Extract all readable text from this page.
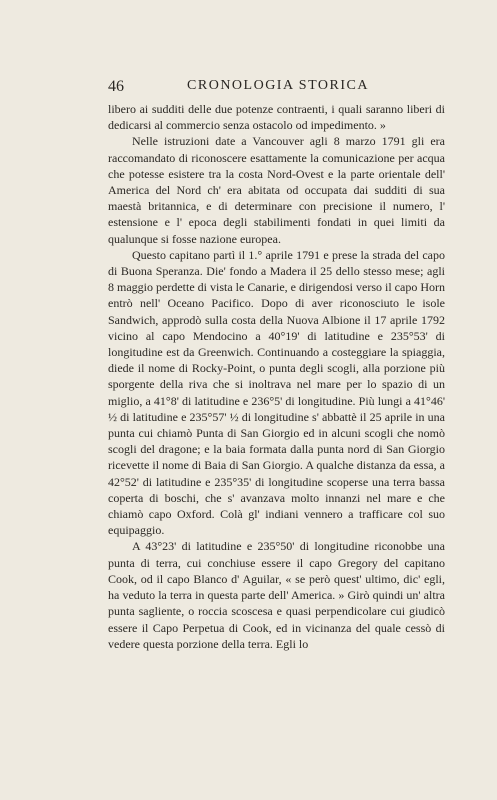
46	CRONOLOGIA STORICA

libero ai sudditi delle due potenze contraenti, i quali saranno liberi di dedicarsi al commercio senza ostacolo od impedimento. »

Nelle istruzioni date a Vancouver agli 8 marzo 1791 gli era raccomandato di riconoscere esattamente la comunicazione per acqua che potesse esistere tra la costa Nord-Ovest e la parte orientale dell' America del Nord ch' era abitata od occupata dai sudditi di sua maestà britannica, e di determinare con precisione il numero, l' estensione e l' epoca degli stabilimenti fondati in quei limiti da qualunque si fosse nazione europea.

Questo capitano partì il 1.° aprile 1791 e prese la strada del capo di Buona Speranza. Die' fondo a Madera il 25 dello stesso mese; agli 8 maggio perdette di vista le Canarie, e dirigendosi verso il capo Horn entrò nell' Oceano Pacifico. Dopo di aver riconosciuto le isole Sandwich, approdò sulla costa della Nuova Albione il 17 aprile 1792 vicino al capo Mendocino a 40°19' di latitudine e 235°53' di longitudine est da Greenwich. Continuando a costeggiare la spiaggia, diede il nome di Rocky-Point, o punta degli scogli, alla porzione più sporgente della riva che si inoltrava nel mare per lo spazio di un miglio, a 41°8' di latitudine e 236°5' di longitudine. Più lungi a 41°46' ½ di latitudine e 235°57' ½ di longitudine s' abbattè il 25 aprile in una punta cui chiamò Punta di San Giorgio ed in alcuni scogli che nomò scogli del dragone; e la baia formata dalla punta nord di San Giorgio ricevette il nome di Baia di San Giorgio. A qualche distanza da essa, a 42°52' di latitudine e 235°35' di longitudine scoperse una terra bassa coperta di boschi, che s' avanzava molto innanzi nel mare e che chiamò capo Oxford. Colà gl' indiani vennero a trafficare col suo equipaggio.

A 43°23' di latitudine e 235°50' di longitudine riconobbe una punta di terra, cui conchiuse essere il capo Gregory del capitano Cook, od il capo Blanco d' Aguilar, « se però quest' ultimo, dic' egli, ha veduto la terra in questa parte dell' America. » Girò quindi un' altra punta sagliente, o roccia scoscesa e quasi perpendicolare cui giudicò essere il Capo Perpetua di Cook, ed in vicinanza del quale cessò di vedere questa porzione della terra. Egli lo
